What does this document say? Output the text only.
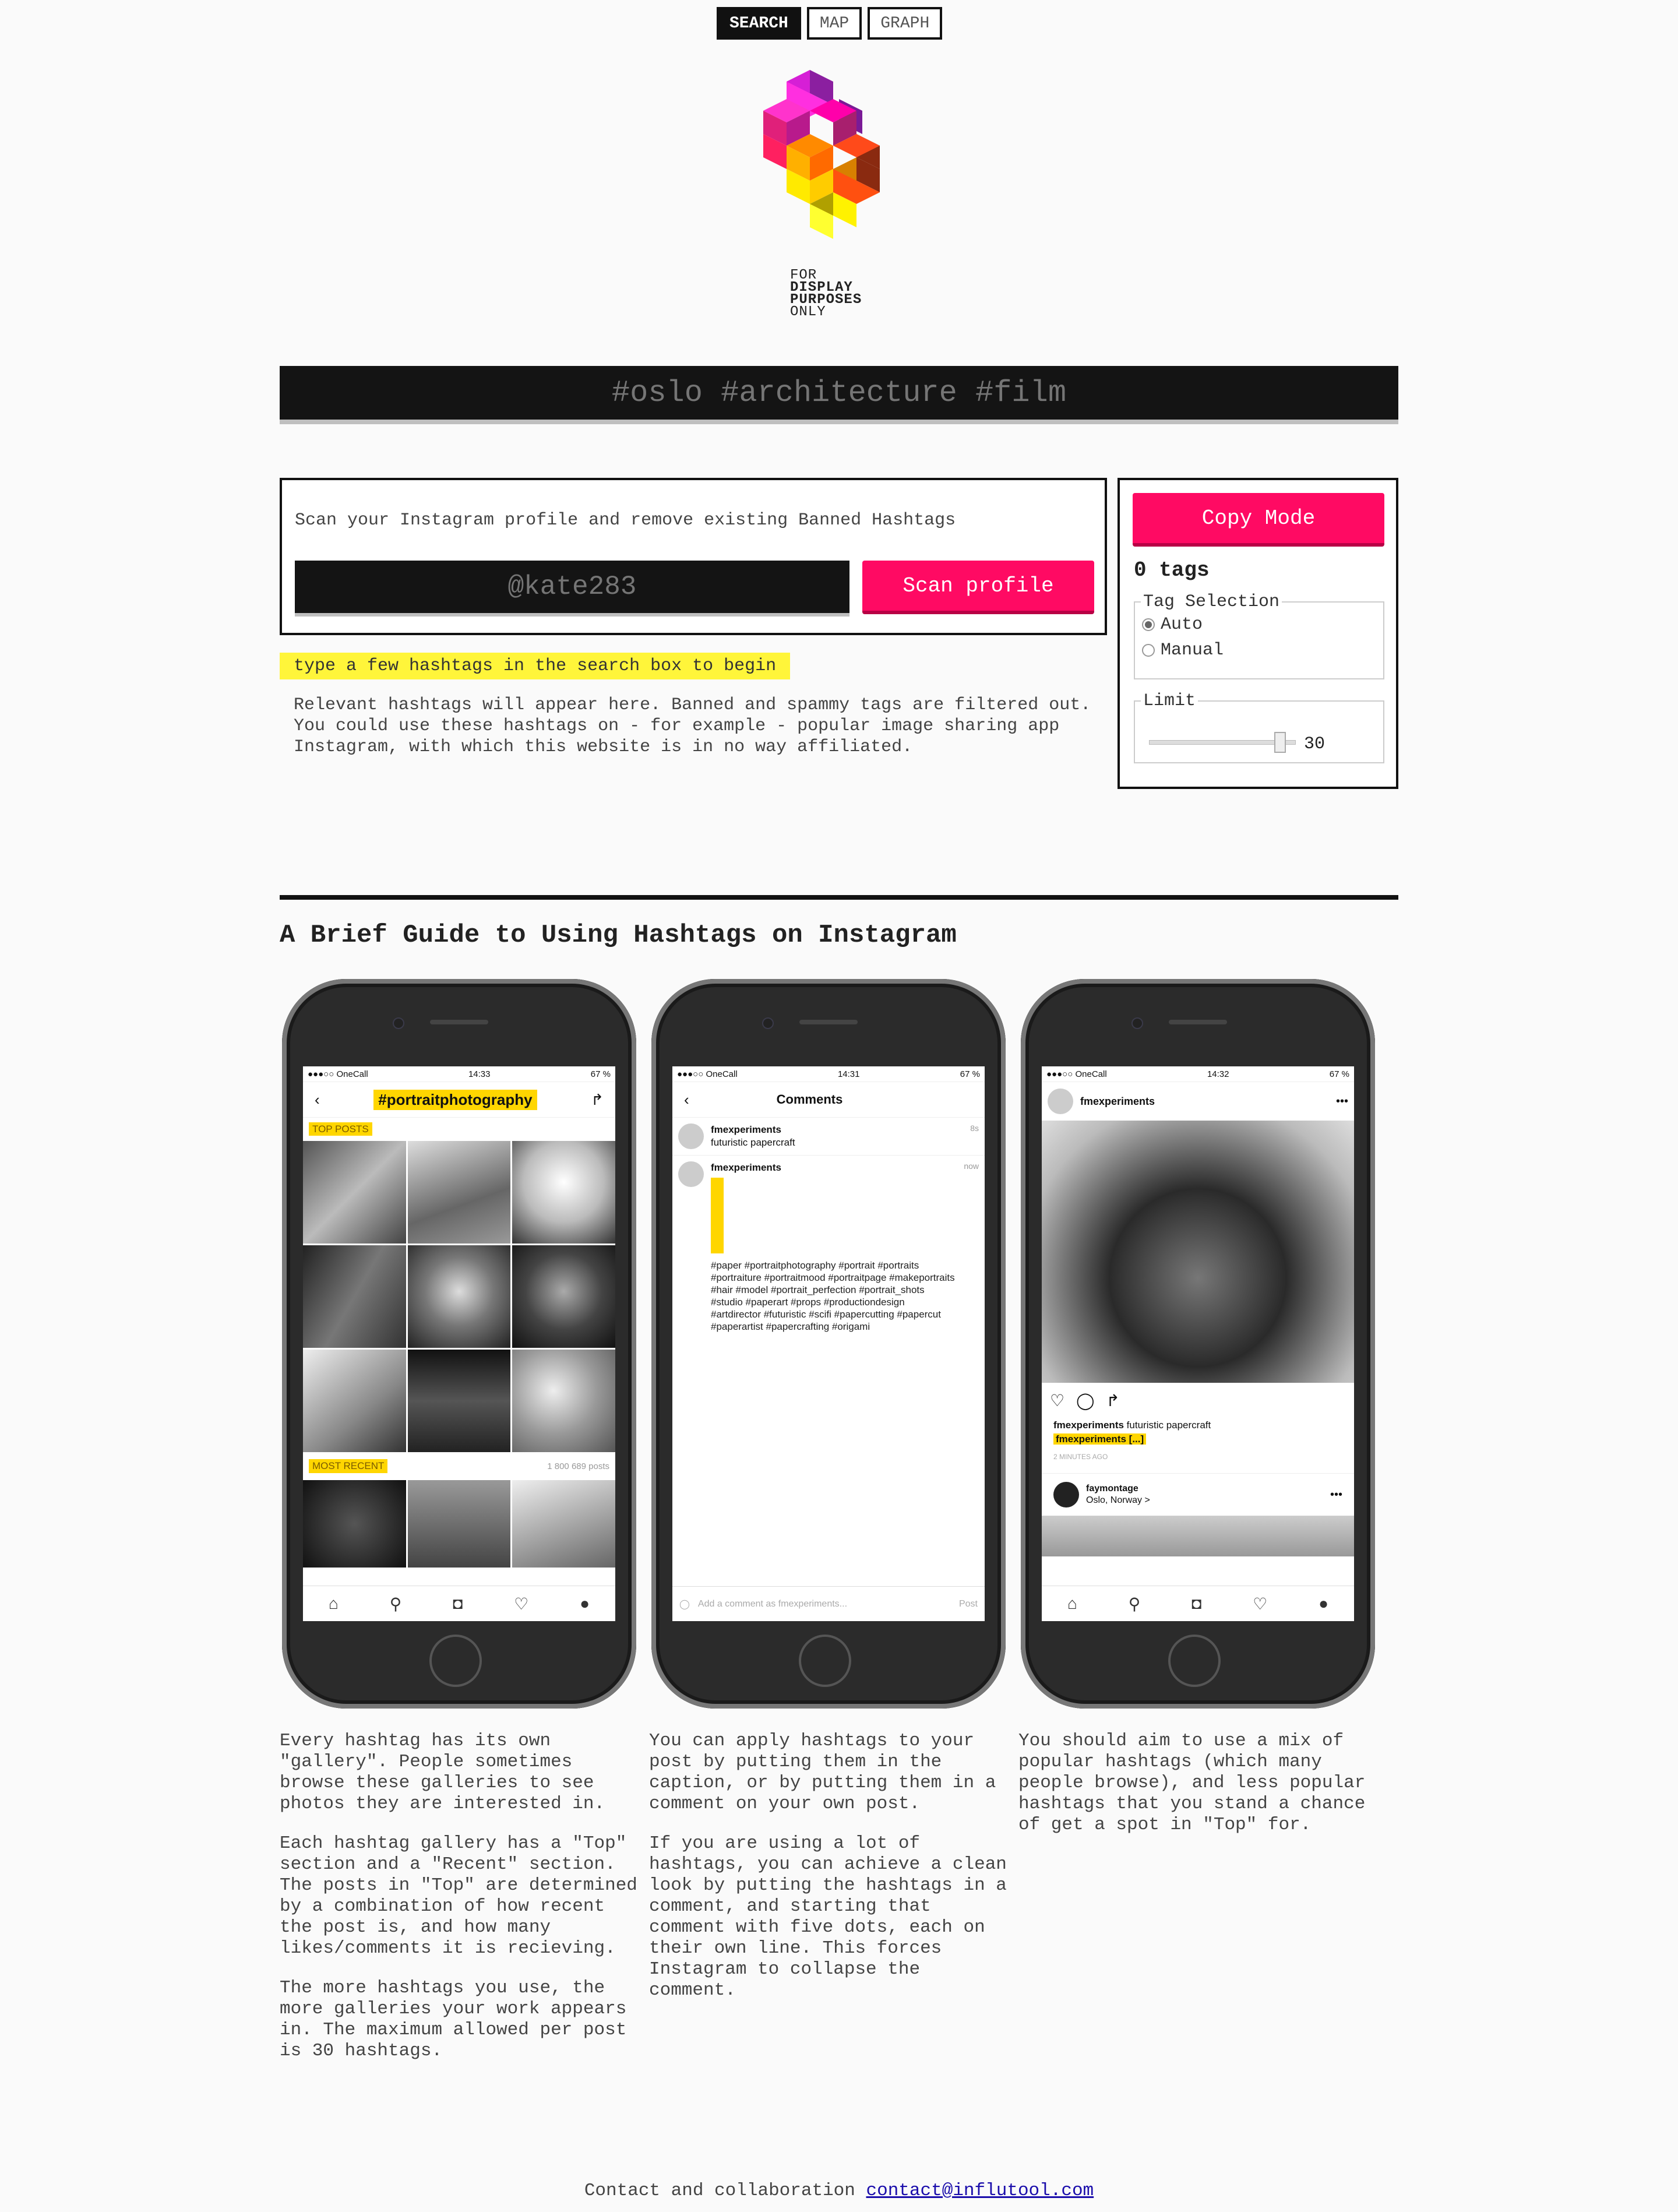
SEARCH	MAP	GRAPH
FOR
DISPLAY
PURPOSES
ONLY
#oslo #architecture #film
Scan your Instagram profile and remove existing Banned Hashtags
@kate283
Scan profile
type a few hashtags in the search box to begin
Relevant hashtags will appear here. Banned and spammy tags are filtered out. You could use these hashtags on - for example - popular image sharing app Instagram, with which this website is in no way affiliated.
Copy Mode
0 tags
Tag Selection
Auto
Manual
Limit
30
A Brief Guide to Using Hashtags on Instagram
●●●○○ OneCall	14:33	67 %
‹	#portraitphotography	↱
TOP POSTS
MOST RECENT	1 800 689 posts
⌂	⚲	◘	♡	●
●●●○○ OneCall	14:31	67 %
‹	Comments
fmexperiments
futuristic papercraft
8s
fmexperiments
#paper #portraitphotography #portrait #portraits #portraiture #portraitmood #portraitpage #makeportraits #hair #model #portrait_perfection #portrait_shots #studio #paperart #props #productiondesign #artdirector #futuristic #scifi #papercutting #papercut #paperartist #papercrafting #origami
now
◯ Add a comment as fmexperiments...	Post
●●●○○ OneCall	14:32	67 %
fmexperiments	•••
♡ ◯ ↱
fmexperiments futuristic papercraft
fmexperiments [...]
2 MINUTES AGO
faymontage
Oslo, Norway >	•••
⌂	⚲	◘	♡	●

Every hashtag has its own "gallery". People sometimes browse these galleries to see photos they are interested in.

Each hashtag gallery has a "Top" section and a "Recent" section. The posts in "Top" are determined by a combination of how recent the post is, and how many likes/comments it is recieving.

The more hashtags you use, the more galleries your work appears in. The maximum allowed per post is 30 hashtags.

You can apply hashtags to your post by putting them in the caption, or by putting them in a comment on your own post.

If you are using a lot of hashtags, you can achieve a clean look by putting the hashtags in a comment, and starting that comment with five dots, each on their own line. This forces Instagram to collapse the comment.

You should aim to use a mix of popular hashtags (which many people browse), and less popular hashtags that you stand a chance of get a spot in "Top" for.

Contact and collaboration contact@influtool.com
